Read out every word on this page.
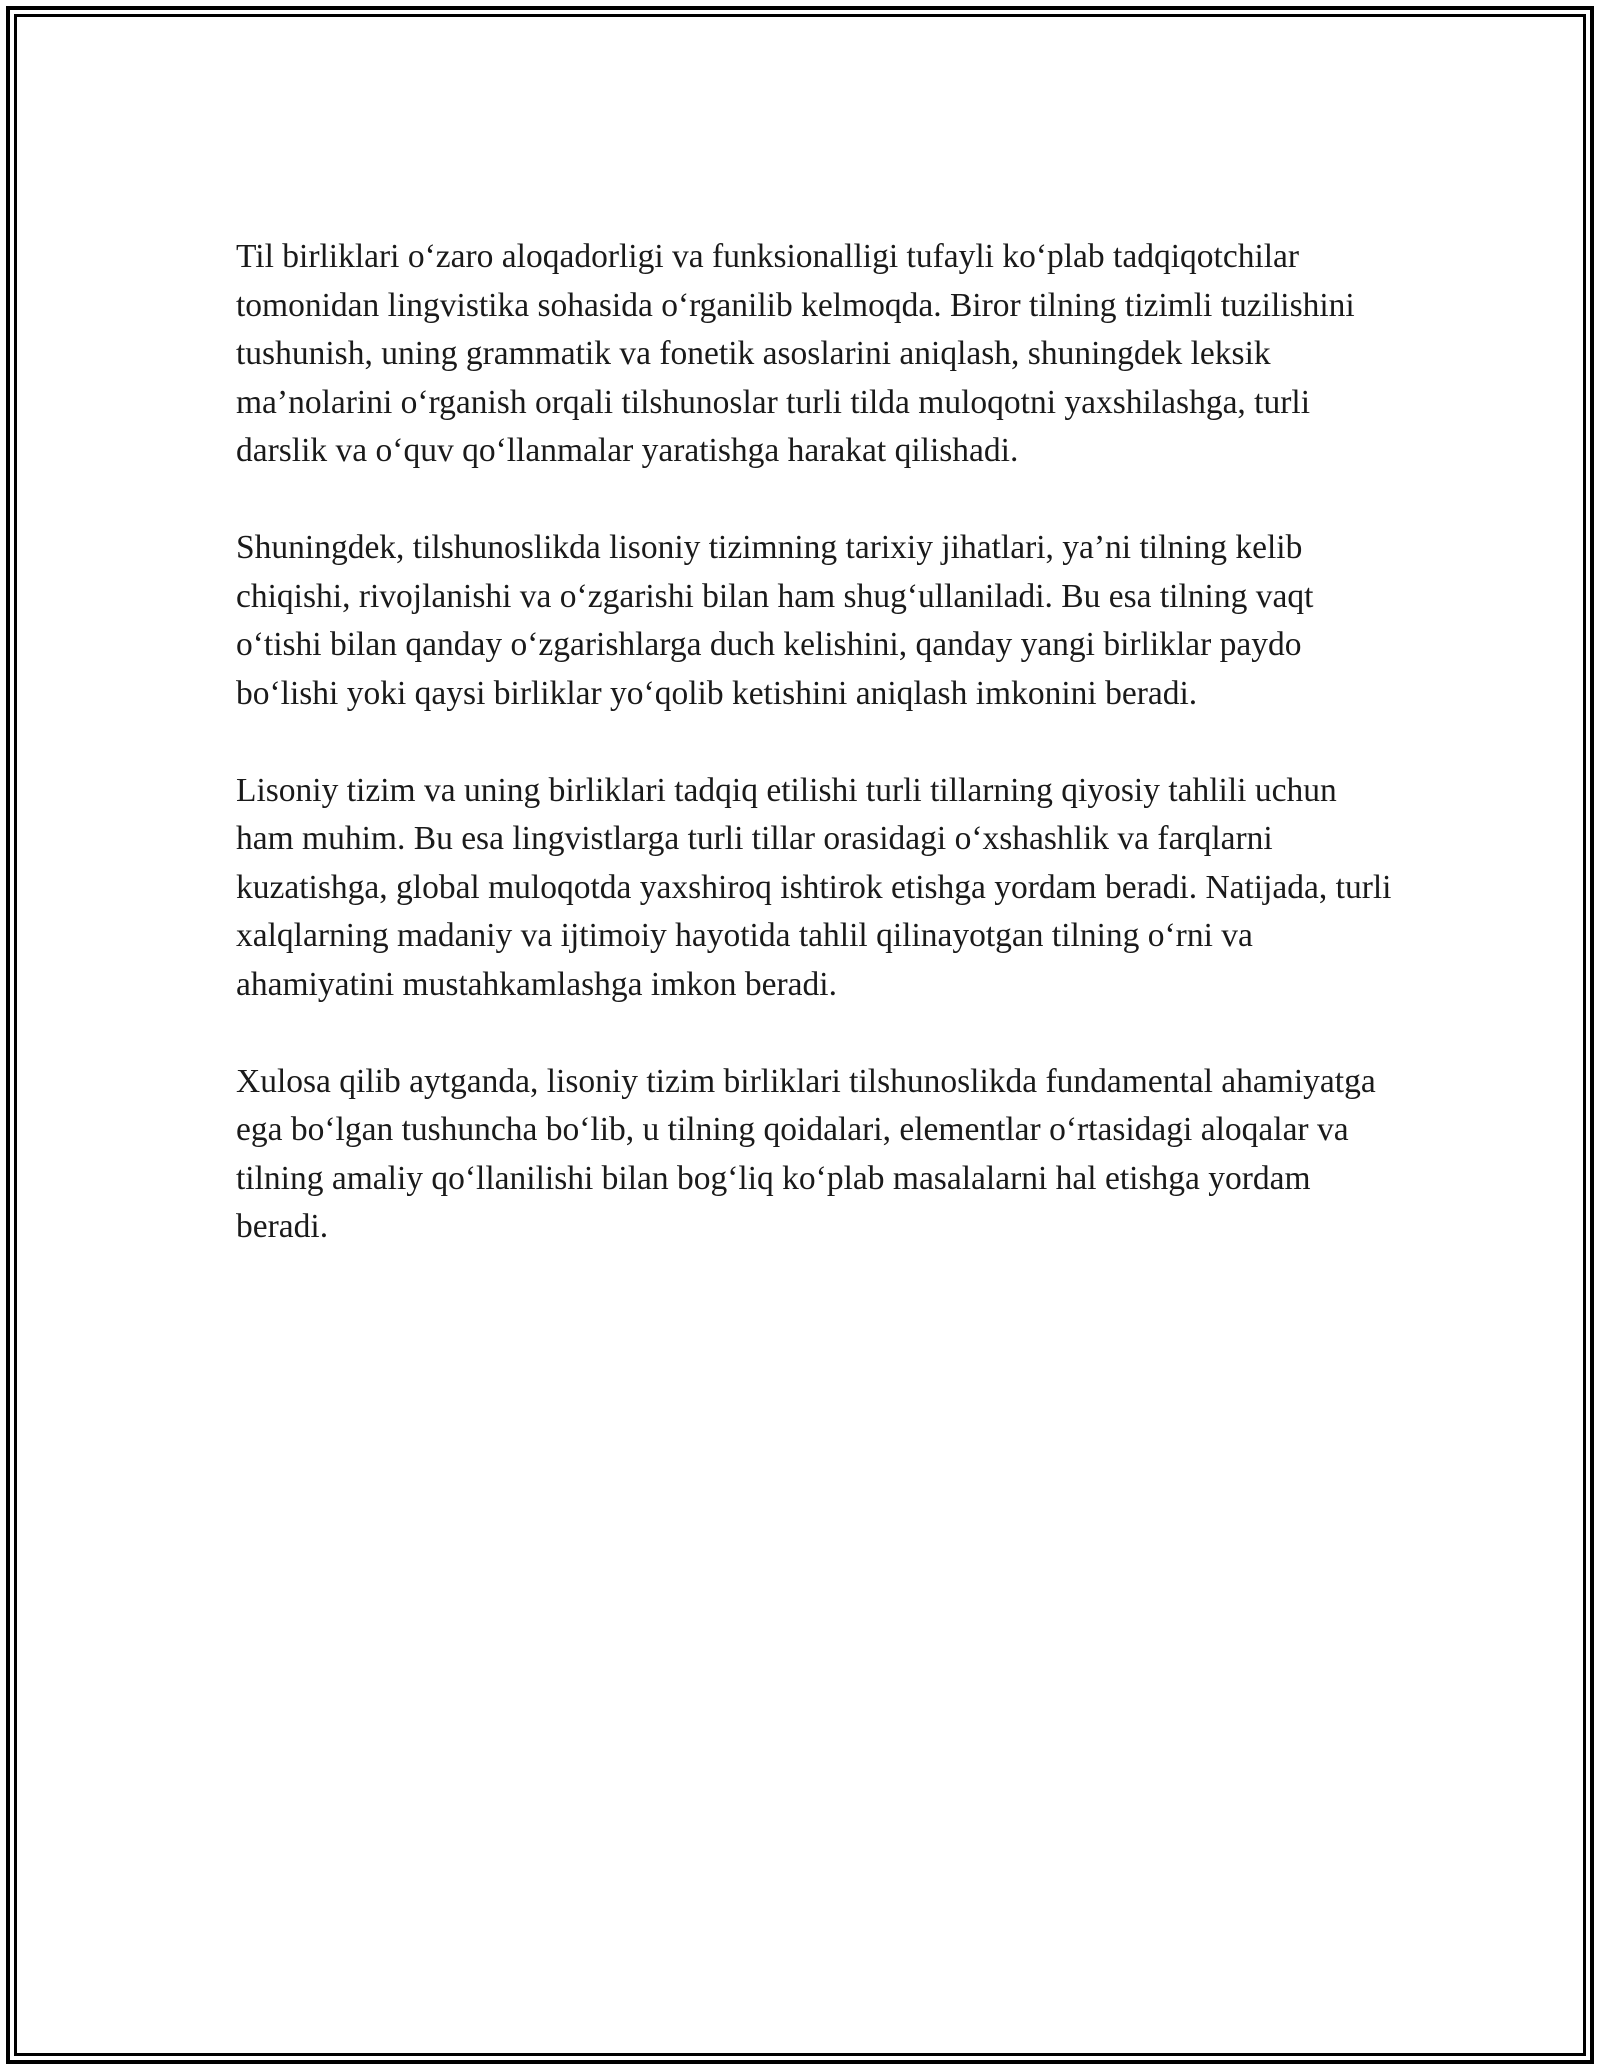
Til birliklari o‘zaro aloqadorligi va funksionalligi tufayli ko‘plab tadqiqotchilar tomonidan lingvistika sohasida o‘rganilib kelmoqda. Biror tilning tizimli tuzilishini tushunish, uning grammatik va fonetik asoslarini aniqlash, shuningdek leksik ma’nolarini o‘rganish orqali tilshunoslar turli tilda muloqotni yaxshilashga, turli darslik va o‘quv qo‘llanmalar yaratishga harakat qilishadi.

Shuningdek, tilshunoslikda lisoniy tizimning tarixiy jihatlari, ya’ni tilning kelib chiqishi, rivojlanishi va o‘zgarishi bilan ham shug‘ullaniladi. Bu esa tilning vaqt o‘tishi bilan qanday o‘zgarishlarga duch kelishini, qanday yangi birliklar paydo bo‘lishi yoki qaysi birliklar yo‘qolib ketishini aniqlash imkonini beradi.

Lisoniy tizim va uning birliklari tadqiq etilishi turli tillarning qiyosiy tahlili uchun ham muhim. Bu esa lingvistlarga turli tillar orasidagi o‘xshashlik va farqlarni kuzatishga, global muloqotda yaxshiroq ishtirok etishga yordam beradi. Natijada, turli xalqlarning madaniy va ijtimoiy hayotida tahlil qilinayotgan tilning o‘rni va ahamiyatini mustahkamlashga imkon beradi.

Xulosa qilib aytganda, lisoniy tizim birliklari tilshunoslikda fundamental ahamiyatga ega bo‘lgan tushuncha bo‘lib, u tilning qoidalari, elementlar o‘rtasidagi aloqalar va tilning amaliy qo‘llanilishi bilan bog‘liq ko‘plab masalalarni hal etishga yordam beradi.
